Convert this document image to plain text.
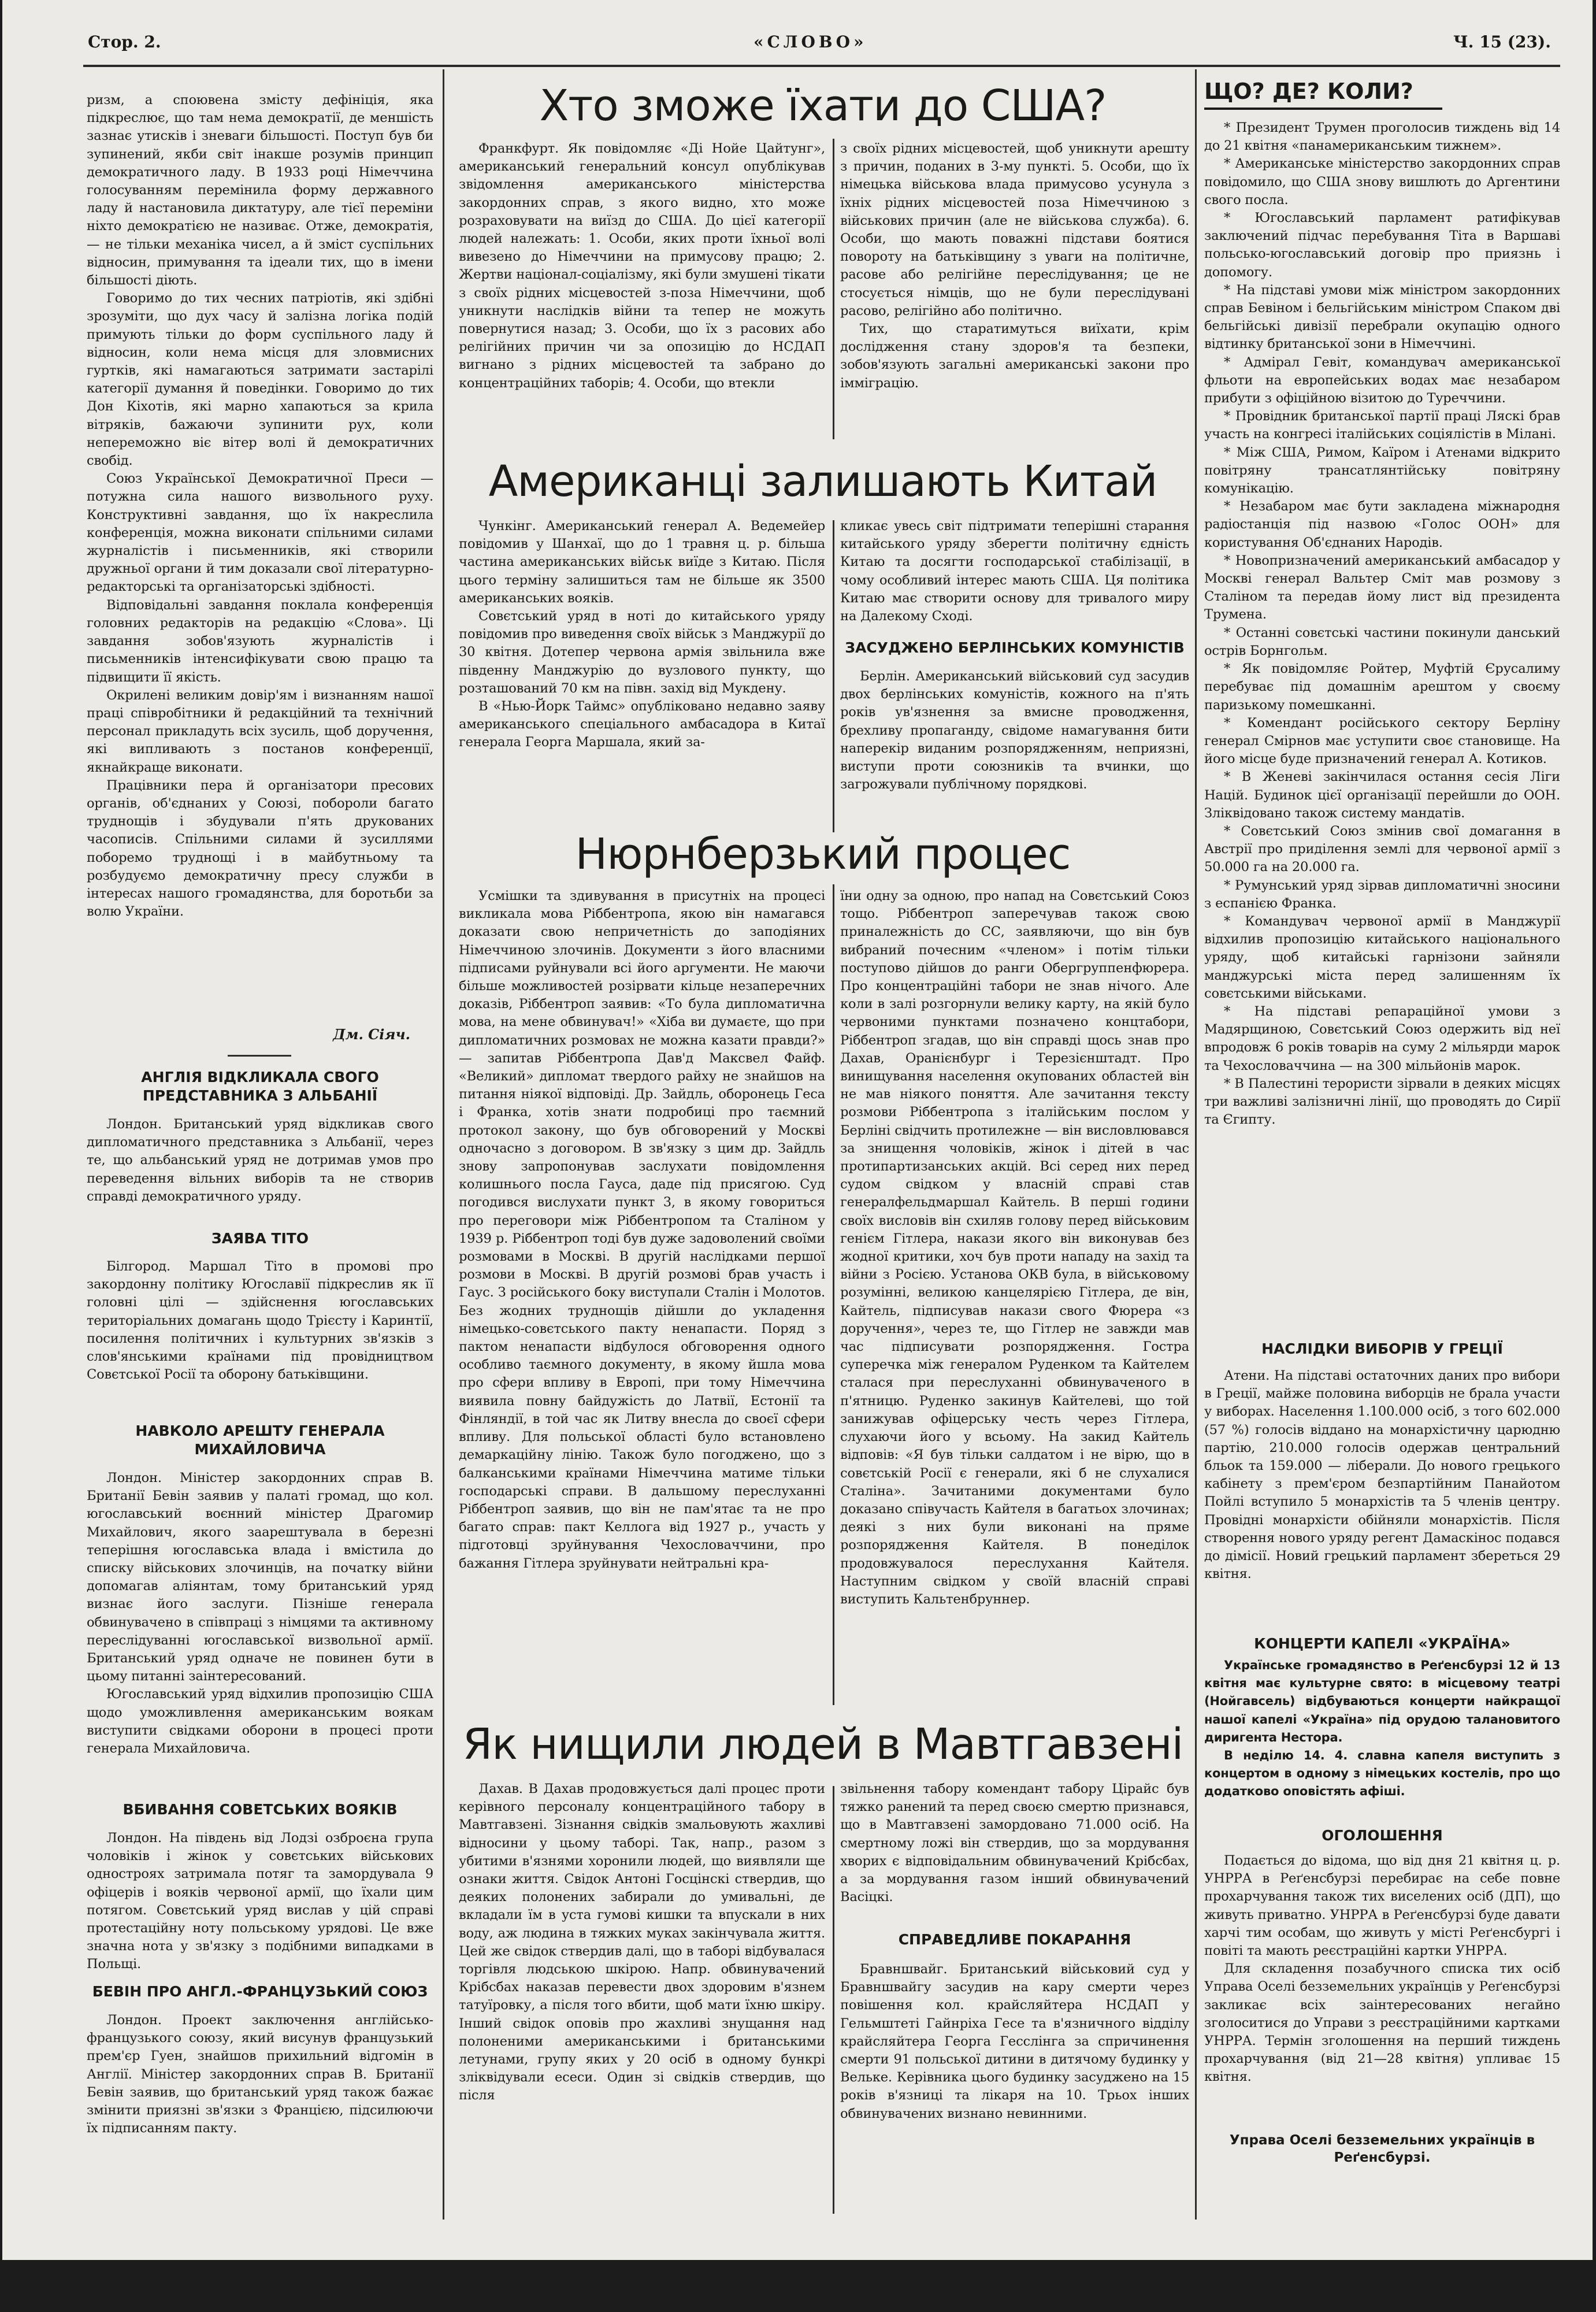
Стор. 2.	«СЛОВО»	Ч. 15 (23).

ризм, а споювена змісту дефініція, яка підкреслює, що там нема демократії, де меншість зазнає утисків і зневаги більшості. Поступ був би зупинений, якби світ інакше розумів принцип демократичного ладу. В 1933 році Німеччина голосуванням перемінила форму державного ладу й настановила диктатуру, але тієї переміни ніхто демократією не називає. Отже, демократія, — не тільки механіка чисел, а й зміст суспільних відносин, примування та ідеали тих, що в імени більшості діють.

Говоримо до тих чесних патріотів, які здібні зрозуміти, що дух часу й залізна логіка подій примують тільки до форм суспільного ладу й відносин, коли нема місця для зловмисних гуртків, які намагаються затримати застарілі категорії думання й поведінки. Говоримо до тих Дон Кіхотів, які марно хапаються за крила вітряків, бажаючи зупинити рух, коли непереможно віє вітер волі й демократичних свобід.

Союз Української Демократичної Преси — потужна сила нашого визвольного руху. Конструктивні завдання, що їх накреслила конференція, можна виконати спільними силами журналістів і письменників, які створили дружньої органи й тим доказали свої літературно-редакторські та організаторські здібності.

Відповідальні завдання поклала конференція головних редакторів на редакцію «Слова». Ці завдання зобов'язують журналістів і письменників інтенсифікувати свою працю та підвищити її якість.

Окрилені великим довір'ям і визнанням нашої праці співробітники й редакційний та технічний персонал прикладуть всіх зусиль, щоб доручення, які випливають з постанов конференції, якнайкраще виконати.

Працівники пера й організатори пресових органів, об'єднаних у Союзі, побороли багато труднощів і збудували п'ять друкованих часописів. Спільними силами й зусиллями поборемо труднощі і в майбутньому та розбудуємо демократичну пресу служби в інтересах нашого громадянства, для боротьби за волю України.

Дм. Сіяч.
АНГЛІЯ ВІДКЛИКАЛА СВОГО ПРЕДСТАВНИКА З АЛЬБАНІЇ

Лондон. Британський уряд відкликав свого дипломатичного представника з Альбанії, через те, що альбанський уряд не дотримав умов про переведення вільних виборів та не створив справді демократичного уряду.

ЗАЯВА ТІТО

Білгород. Маршал Тіто в промові про закордонну політику Югославії підкреслив як її головні цілі — здійснення югославських територіальних домагань щодо Трієсту і Каринтії, посилення політичних і культурних зв'язків з слов'янськими країнами під провідництвом Совєтської Росії та оборону батьківщини.

НАВКОЛО АРЕШТУ ГЕНЕРАЛА МИХАЙЛОВИЧА

Лондон. Міністер закордонних справ В. Британії Бевін заявив у палаті громад, що кол. югославський воєнний міністер Драгомир Михайлович, якого заарештувала в березні теперішня югославська влада і вмістила до списку військових злочинців, на початку війни допомагав аліянтам, тому британський уряд визнає його заслуги. Пізніше генерала обвинувачено в співпраці з німцями та активному переслідуванні югославської визвольної армії. Британський уряд одначе не повинен бути в цьому питанні заінтересований.

Югославський уряд відхилив пропозицію США щодо уможливлення американським вoякам виступити свідками оборони в процесі проти генерала Михайловича.

ВБИВАННЯ СОВЕТСЬКИХ ВОЯКІВ

Лондон. На південь від Лодзі озброєна група чоловіків і жінок у совєтських військових одностроях затримала потяг та замордувала 9 офіцерів і вояків червоної армії, що їхали цим потягом. Совєтський уряд вислав у цій справі протестаційну ноту польському урядові. Це вже значна нота у зв'язку з подібними випадками в Польщі.

БЕВІН ПРО АНГЛ.-ФРАНЦУЗЬКИЙ СОЮЗ

Лондон. Проект заключення англійсько-французького союзу, який висунув французький прем'єр Гуен, знайшов прихильний відгомін в Англії. Міністер закордонних справ В. Британії Бевін заявив, що британський уряд також бажає змінити приязні зв'язки з Францією, підсилюючи їх підписанням пакту.

Хто зможе їхати до США?

Франкфурт. Як повідомляє «Ді Нойе Цайтунг», американський генеральний консул опублікував звідомлення американського міністерства закордонних справ, з якого видно, хто може розраховувати на виїзд до США. До цієї категорії людей належать: 1. Особи, яких проти їхньої волі вивезено до Німеччини на примусову працю; 2. Жертви націонал-соціалізму, які були змушені тікати з своїх рідних місцевостей з-поза Німеччини, щоб уникнути наслідків війни та тепер не можуть повернутися назад; 3. Особи, що їх з расових або релігійних причин чи за опозицію до НСДАП вигнано з рідних місцевостей та забрано до концентраційних таборів; 4. Особи, що втекли

з своїх рідних місцевостей, щоб уникнути арешту з причин, поданих в 3-му пункті. 5. Особи, що їх німецька військова влада примусово усунула з їхніх рідних місцевостей поза Німеччиною з військових причин (але не військова служба). 6. Особи, що мають поважні підстави боятися повороту на батьківщину з уваги на політичне, расове або релігійне переслідування; це не стосується німців, що не були переслідувані расово, релігійно або політично.

Тих, що старатимуться виїхати, крім дослідження стану здоров'я та безпеки, зобов'язують загальні американські закони про імміграцію.

Американці залишають Китай

Чункінг. Американський генерал А. Ведемейер повідомив у Шанхаї, що до 1 травня ц. р. більша частина американських військ виїде з Китаю. Після цього терміну залишиться там не більше як 3500 американських вояків.

Совєтський уряд в ноті до китайського уряду повідомив про виведення своїх військ з Манджурії до 30 квітня. Дотепер червона армія звільнила вже південну Манджурію до вузлового пункту, що розташований 70 км на півн. захід від Мукдену.

В «Нью-Йорк Таймс» опубліковано недавно заяву американського спеціального амбасадора в Китаї генерала Георга Маршала, який за-

кликає увесь світ підтримати теперішні старання китайського уряду зберегти політичну єдність Китаю та досягти господарської стабілізації, в чому особливий інтерес мають США. Ця політика Китаю має створити основу для тривалого миру на Далекому Сході.

ЗАСУДЖЕНО БЕРЛІНСЬКИХ КОМУНІСТІВ

Берлін. Американський військовий суд засудив двох берлінських комуністів, кожного на п'ять років ув'язнення за вмисне проводження, брехливу пропаганду, свідоме намагування бити наперекір виданим розпорядженням, неприязні, виступи проти союзників та вчинки, що загрожували публічному порядкові.

Нюрнберзький процес

Усмішки та здивування в присутніх на процесі викликала мова Ріббентропа, якою він намагався доказати свою непричетність до заподіяних Німеччиною злочинів. Документи з його власними підписами руйнували всі його аргументи. Не маючи більше можливостей розірвати кільце незаперечних доказів, Ріббентроп заявив: «То була дипломатична мова, на мене обвинувач!» «Хіба ви думаєте, що при дипломатичних розмовах не можна казати правди?» — запитав Ріббентропа Дав'д Максвел Файф. «Великий» дипломат твердого райху не знайшов на питання ніякої відповіді. Др. Зайдль, оборонець Геса і Франка, хотів знати подробиці про таємний протокол закону, що був обговорений у Москві одночасно з договором. В зв'язку з цим др. Зайдль знову запропонував заслухати повідомлення колишнього посла Гауса, даде під присягою. Суд погодився вислухати пункт 3, в якому говориться про переговори між Ріббентропом та Сталіном у 1939 р. Ріббентроп тоді був дуже задоволений своїми розмовами в Москві. В другій наслідками першої розмови в Москві. В другій розмові брав участь і Гаус. З російського боку виступали Сталін і Молотов. Без жодних труднощів дійшли до укладення німецько-совєтського пакту ненапасти. Поряд з пактом ненапасти відбулося обговорення одного особливо таємного документу, в якому йшла мова про сфери впливу в Европі, при тому Німеччина виявила повну байдужість до Латвії, Естонії та Фінляндії, в той час як Литву внесла до своєї сфери впливу. Для польської області було встановлено демаркаційну лінію. Також було погоджено, що з балканськими країнами Німеччина матиме тільки господарські справи. В дальшому переслуханні Ріббентроп заявив, що він не пам'ятає та не про багато справ: пакт Келлога від 1927 р., участь у підготовці зруйнування Чехословаччини, про бажання Гітлера зруйнувати нейтральні кра-

їни одну за одною, про напад на Совєтський Союз тощо. Ріббентроп заперечував також свою приналежність до СС, заявляючи, що він був вибраний почесним «членом» і потім тільки поступово дійшов до ранги Обергруппенфюрера. Про концентраційні табори не знав нічого. Але коли в залі розгорнули велику карту, на якій було червоними пунктами позначено концтабори, Ріббентроп згадав, що він справді щось знав про Дахав, Оранієнбург і Терезієнштадт. Про винищування населення окупованих областей він не мав ніякого поняття. Але зачитання тексту розмови Ріббентропа з італійським послом у Берліні свідчить протилежне — він висловлювався за знищення чоловіків, жінок і дітей в час протипартизанських акцій. Всі серед них перед судом свідком у власній справі став генералфельдмаршал Кайтель. В перші години своїх висловів він схиляв голову перед військовим генієм Гітлера, накази якого він виконував без жодної критики, хоч був проти нападу на захід та війни з Росією. Установа ОКВ була, в військовому розумінні, великою канцелярією Гітлера, де він, Кайтель, підписував накази свого Фюрера «з доручення», через те, що Гітлер не завжди мав час підписувати розпорядження. Гостра суперечка між генералом Руденком та Кайтелем сталася при переслуханні обвинуваченого в п'ятницю. Руденко закинув Кайтелеві, що той занижував офіцерську честь через Гітлера, слухаючи його у всьому. На закид Кайтель відповів: «Я був тільки салдатом і не вірю, що в совєтській Росії є генерали, які б не слухалися Сталіна». Зачитаними документами було доказано співучасть Кайтеля в багатьох злочинах; деякі з них були виконані на пряме розпорядження Кайтеля. В понеділок продовжувалося переслухання Кайтеля. Наступним свідком у своїй власній справі виступить Кальтенбруннер.

Як нищили людей в Мавтгавзені

Дахав. В Дахав продовжується далі процес проти керівного персоналу концентраційного табору в Мавтгавзені. Зізнання свідків змальовують жахливі відносини у цьому таборі. Так, напр., разом з убитими в'язнями хоронили людей, що виявляли ще ознаки життя. Свідок Антоні Госцінскі ствердив, що деяких полонених забирали до умивальні, де вкладали їм в уста гумові кишки та впускали в них воду, аж людина в тяжких муках закінчувала життя. Цей же свідок ствердив далі, що в таборі відбувалася торгівля людською шкірою. Напр. обвинувачений Крібсбах наказав перевести двох здоровим в'язнем татуїровку, а після того вбити, щоб мати їхню шкіру. Інший свідок оповів про жахливі знущання над полоненими американськими і британськими летунами, групу яких у 20 осіб в одному бункрі зліквідували есеси. Один зі свідків ствердив, що після

звільнення табору комендант табору Цірайс був тяжко ранений та перед своєю смертю признався, що в Мавтгавзені замордовано 71.000 осіб. На смертному ложі він ствердив, що за мордування хворих є відповідальним обвинувачений Крібсбах, а за мордування газом інший обвинувачений Васіцкі.

СПРАВЕДЛИВЕ ПОКАРАННЯ

Бравншвайг. Британський військовий суд у Бравншвайгу засудив на кару смерти через повішення кол. крайсляйтера НСДАП у Гельмштеті Гайнріха Гесе та в'язничного відділу крайсляйтера Георга Гесслінга за спричинення смерти 91 польської дитини в дитячому будинку у Вельке. Керівника цього будинку засуджено на 15 років в'язниці та лікаря на 10. Трьох інших обвинувачених визнано невинними.

ЩО? ДЕ? КОЛИ?

* Президент Трумен проголосив тиждень від 14 до 21 квітня «панамериканським тижнем».

* Американське міністерство закордонних справ повідомило, що США знову вишлють до Аргентини свого посла.

* Югославський парламент ратифікував заключений підчас перебування Тіта в Варшаві польсько-югославський договір про приязнь і допомогу.

* На підставі умови між міністром закордонних справ Бевіном і бельгійським міністром Спаком дві бельгійські дивізії перебрали окупацію одного відтинку британської зони в Німеччині.

* Адмірал Гевіт, командувач американської фльоти на европейських водах має незабаром прибути з офіційною візитою до Туреччини.

* Провідник британської партії праці Ляскі брав участь на конгресі італійських соціялістів в Мілані.

* Між США, Римом, Каїром і Атенами відкрито повітряну трансатлянтійську повітряну комунікацію.

* Незабаром має бути закладена міжнародня радіостанція під назвою «Голос ООН» для користування Об'єднаних Народів.

* Новопризначений американський амбасадор у Москві генерал Вальтер Сміт мав розмову з Сталіном та передав йому лист від президента Трумена.

* Останні совєтські частини покинули данський острів Борнгольм.

* Як повідомляє Ройтер, Муфтій Єрусалиму перебуває під домашнім арештом у своєму паризькому помешканні.

* Комендант російського сектору Берліну генерал Смірнов має уступити своє становище. На його місце буде призначений генерал А. Котиков.

* В Женеві закінчилася остання сесія Ліги Націй. Будинок цієї організації перейшли до ООН. Зліквідовано також систему мандатів.

* Совєтський Союз змінив свої домагання в Австрії про приділення землі для червоної армії з 50.000 га на 20.000 га.

* Румунський уряд зірвав дипломатичні зносини з еспанією Франка.

* Командувач червоної армії в Манджурії відхилив пропозицію китайського національного уряду, щоб китайські гарнізони зайняли манджурські міста перед залишенням їх совєтськими військами.

* На підставі репараційної умови з Мадярщиною, Совєтський Союз одержить від неї впродовж 6 років товарів на суму 2 мільярди марок та Чехословаччина — на 300 мільйонів марок.

* В Палестині терористи зірвали в деяких місцях три важливі залізничні лінії, що проводять до Сирії та Єгипту.

НАСЛІДКИ ВИБОРІВ У ГРЕЦІЇ

Атени. На підставі остаточних даних про вибори в Греції, майже половина виборців не брала участи у виборах. Населення 1.100.000 осіб, з того 602.000 (57 %) голосів віддано на монархістичну царюдню партію, 210.000 голосів одержав центральний бльок та 159.000 — ліберали. До нового грецького кабінету з прем'єром безпартійним Панайотом Пойлі вступило 5 монархістів та 5 членів центру. Провідні монархісти обійняли монархістів. Після створення нового уряду регент Дамаскінос подався до дімісії. Новий грецький парламент збереться 29 квітня.

КОНЦЕРТИ КАПЕЛІ «УКРАЇНА»

Українське громадянство в Реґенсбурзі 12 й 13 квітня має культурне свято: в місцевому театрі (Нойгавсель) відбуваються концерти найкращої нашої капелі «Україна» під орудою талановитого диригента Нестора.

В неділю 14. 4. славна капеля виступить з концертом в одному з німецьких костелів, про що додатково оповістять афіші.

ОГОЛОШЕННЯ

Подається до відома, що від дня 21 квітня ц. р. УНРРА в Реґенсбурзі перебирає на себе повне прохарчування також тих виселених осіб (ДП), що живуть приватно. УНРРА в Реґенсбурзі буде давати харчі тим особам, що живуть у місті Реґенсбургі і повіті та мають реєстраційні картки УНРРА.

Для складення позабучного списка тих осіб Управа Оселі безземельних українців у Реґенсбурзі закликає всіх заінтересованих негайно зголоситися до Управи з реєстраційними картками УНРРА. Термін зголошення на перший тиждень прохарчування (від 21—28 квітня) упливає 15 квітня.

Управа Оселі безземельних українців в Реґенсбурзі.
